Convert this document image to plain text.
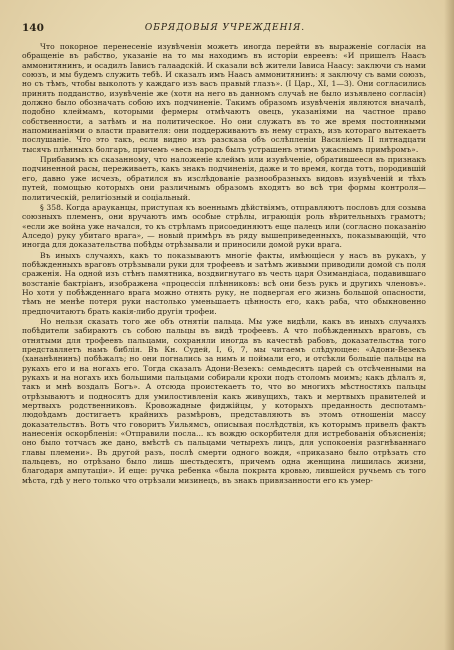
140	ОБРЯДОВЫЯ УЧРЕЖДЕНІЯ.

Что покорное перенесеніе изувѣченія можетъ иногда перейти въ выраженіе согласія на обращеніе въ рабство, указаніе на то мы находимъ въ исторіи евреевъ: «И пришелъ Наасъ аммонитянинъ, и осадилъ Іависъ галаадскій. И сказали всѣ жители Іависа Наасу: заключи съ нами союзъ, и мы будемъ служить тебѣ. И сказалъ имъ Наасъ аммонитянинъ: я заключу съ вами союзъ, но съ тѣмъ, чтобы выколоть у каждаго изъ васъ правый глазъ». (I Цар., XI, 1—3). Они согласились принять подданство, изувѣченіе же (хотя на него въ данномъ случаѣ не было изъявлено согласія) должно было обозначать собою ихъ подчиненіе. Такимъ образомъ изувѣченія являются вначалѣ, подобно клеймамъ, которыми фермеры отмѣчаютъ овецъ, указаніями на частное право собственности, а затѣмъ и на политическое. Но они служатъ въ то же время постоянными напоминаніями о власти правителя: они поддерживаютъ въ нему страхъ, изъ котораго вытекаетъ послушаніе. Что это такъ, если видно изъ разсказа объ ослѣпленіи Василіемъ II пятнадцати тысячъ плѣнныхъ болгаръ, причемъ «весь народъ былъ устрашенъ этимъ ужаснымъ примѣромъ».

Прибавимъ къ сказанному, что наложеніе клеймъ или изувѣченіе, обратившееся въ признакъ подчиненной расы, переживаетъ, какъ знакъ подчиненія, даже и то время, когда тотъ, породившій его, давно уже исчезъ, обратился въ изслѣдованіе разнообразныхъ видовъ изувѣченій и тѣхъ путей, помощью которыхъ они различнымъ образомъ входятъ во всѣ три формы контроля—политическій, религіозный и соціальный.

§ 358. Когда арауканцы, приступая къ военнымъ дѣйствіямъ, отправляютъ пословъ для созыва союзныхъ племенъ, они вручаютъ имъ особые стрѣлы, играющія роль вѣрительныхъ грамотъ; «если же война уже начался, то къ стрѣламъ присоединяютъ еще палецъ или (согласно показанію Алседо) руку убитаго врага», — новый примѣръ въ ряду вышеприведенныхъ, показывающій, что иногда для доказательства побѣды отрѣзывали и приносили домой руки врага.

Въ иныхъ случаяхъ, какъ то показываютъ многіе факты, имѣющіеся у насъ въ рукахъ, у побѣжденныхъ враговъ отрѣзывали руки для трофеевъ и затѣмъ живыми приводили домой съ поля сраженія. На одной изъ стѣнъ памятника, воздвигнутаго въ честь царя Озимандіаса, подавившаго возстаніе бактріанъ, изображена «процессія плѣнниковъ: всѣ они безъ рукъ и другихъ членовъ». Но хотя у побѣжденнаго врага можно отнять руку, не подвергая его жизнь большой опасности, тѣмъ не менѣе потеря руки настолько уменьшаетъ цѣнность его, какъ раба, что обыкновенно предпочитаютъ брать какія-либо другія трофеи.

Но нельзя сказать того же объ отнятіи пальца. Мы уже видѣли, какъ въ иныхъ случаяхъ побѣдители забираютъ съ собою пальцы въ видѣ трофеевъ. А что побѣжденныхъ враговъ, съ отнятыми для трофеевъ пальцами, сохраняли иногда въ качествѣ рабовъ, доказательства того представляетъ намъ библія. Въ Кн. Судей, I, 6, 7, мы читаемъ слѣдующее: «Адони-Везекъ (хананѣянинъ) побѣжалъ; но они погнались за нимъ и поймали его, и отсѣкли большіе пальцы на рукахъ его и на ногахъ его. Тогда сказалъ Адони-Везекъ: семьдесятъ царей съ отсѣченными на рукахъ и на ногахъ ихъ большими пальцами собирали крохи подъ столомъ моимъ; какъ дѣлалъ я, такъ и мнѣ воздалъ Богъ». А отсюда проистекаетъ то, что во многихъ мѣстностяхъ пальцы отрѣзываютъ и подносятъ для умилостивленія какъ живущихъ, такъ и мертвыхъ правителей и мертвыхъ родственниковъ. Кровожадные фиджійцы, у которыхъ преданность деспотамъ-людоѣдамъ достигаетъ крайнихъ размѣровъ, представляютъ въ этомъ отношеніи массу доказательствъ. Вотъ что говоритъ Уильямсъ, описывая послѣдствія, къ которымъ привелъ фактъ нанесенія оскорбленія: «Отправили посла... къ вождю оскорбителя для истребованія объясненія; оно было тотчасъ же дано, вмѣстѣ съ пальцами четырехъ лицъ, для успокоенія разгнѣваннаго главы племени». Въ другой разъ, послѣ смерти одного вождя, «приказано было отрѣзать сто пальцевъ, но отрѣзано было лишь шестьдесятъ, причемъ одна женщина лишилась жизни, благодаря ампутаціи». И еще: ручка ребенка «была покрыта кровью, лившейся ручьемъ съ того мѣста, гдѣ у него только что отрѣзали мизинецъ, въ знакъ привязанности его къ умер-
